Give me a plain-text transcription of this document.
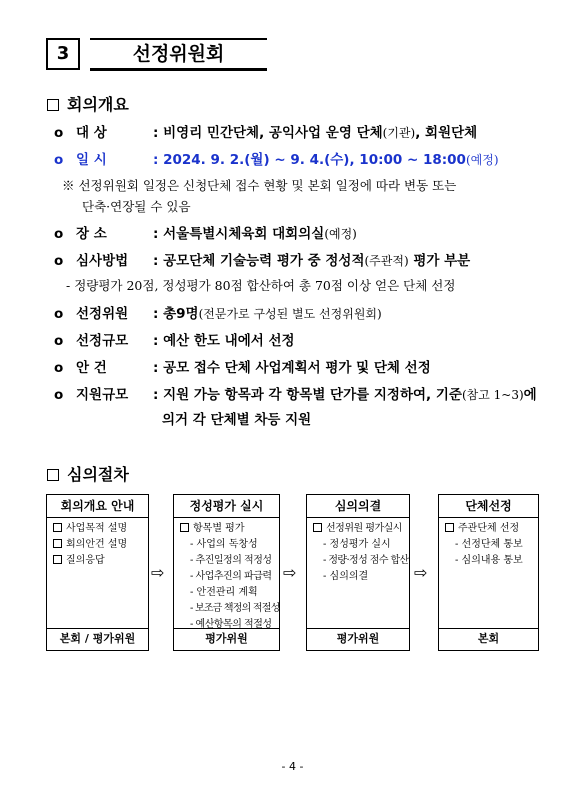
3	선정위원회
회의개요
o 대 상	: 비영리 민간단체, 공익사업 운영 단체(기관), 회원단체
o 일 시	: 2024. 9. 2.(월) ~ 9. 4.(수), 10:00 ~ 18:00(예정)
※ 선정위원회 일정은 신청단체 접수 현황 및 본회 일정에 따라 변동 또는
단축·연장될 수 있음
o 장 소	: 서울특별시체육회 대회의실(예정)
o 심사방법 : 공모단체 기술능력 평가 중 정성적(주관적) 평가 부분
- 정량평가 20점, 정성평가 80점 합산하여 총 70점 이상 얻은 단체 선정
o 선정위원 : 총9명(전문가로 구성된 별도 선정위원회)
o 선정규모 : 예산 한도 내에서 선정
o 안 건	: 공모 접수 단체 사업계획서 평가 및 단체 선정
o 지원규모 : 지원 가능 항목과 각 항목별 단가를 지정하여, 기준(참고 1~3)에
의거 각 단체별 차등 지원
심의절차
회의개요 안내
사업목적 설명
회의안건 설명
질의응답
본회 / 평가위원
⇨
정성평가 실시
항목별 평가
- 사업의 독창성
- 추진일정의 적정성
- 사업추진의 파급력
- 안전관리 계획
- 보조금 책정의 적절성
- 예산항목의 적절성
평가위원
⇨
심의의결
선정위원 평가실시
- 정성평가 실시
- 정량·정성 점수 합산
- 심의의결
평가위원
⇨
단체선정
주관단체 선정
- 선정단체 통보
- 심의내용 통보
본회
- 4 -
